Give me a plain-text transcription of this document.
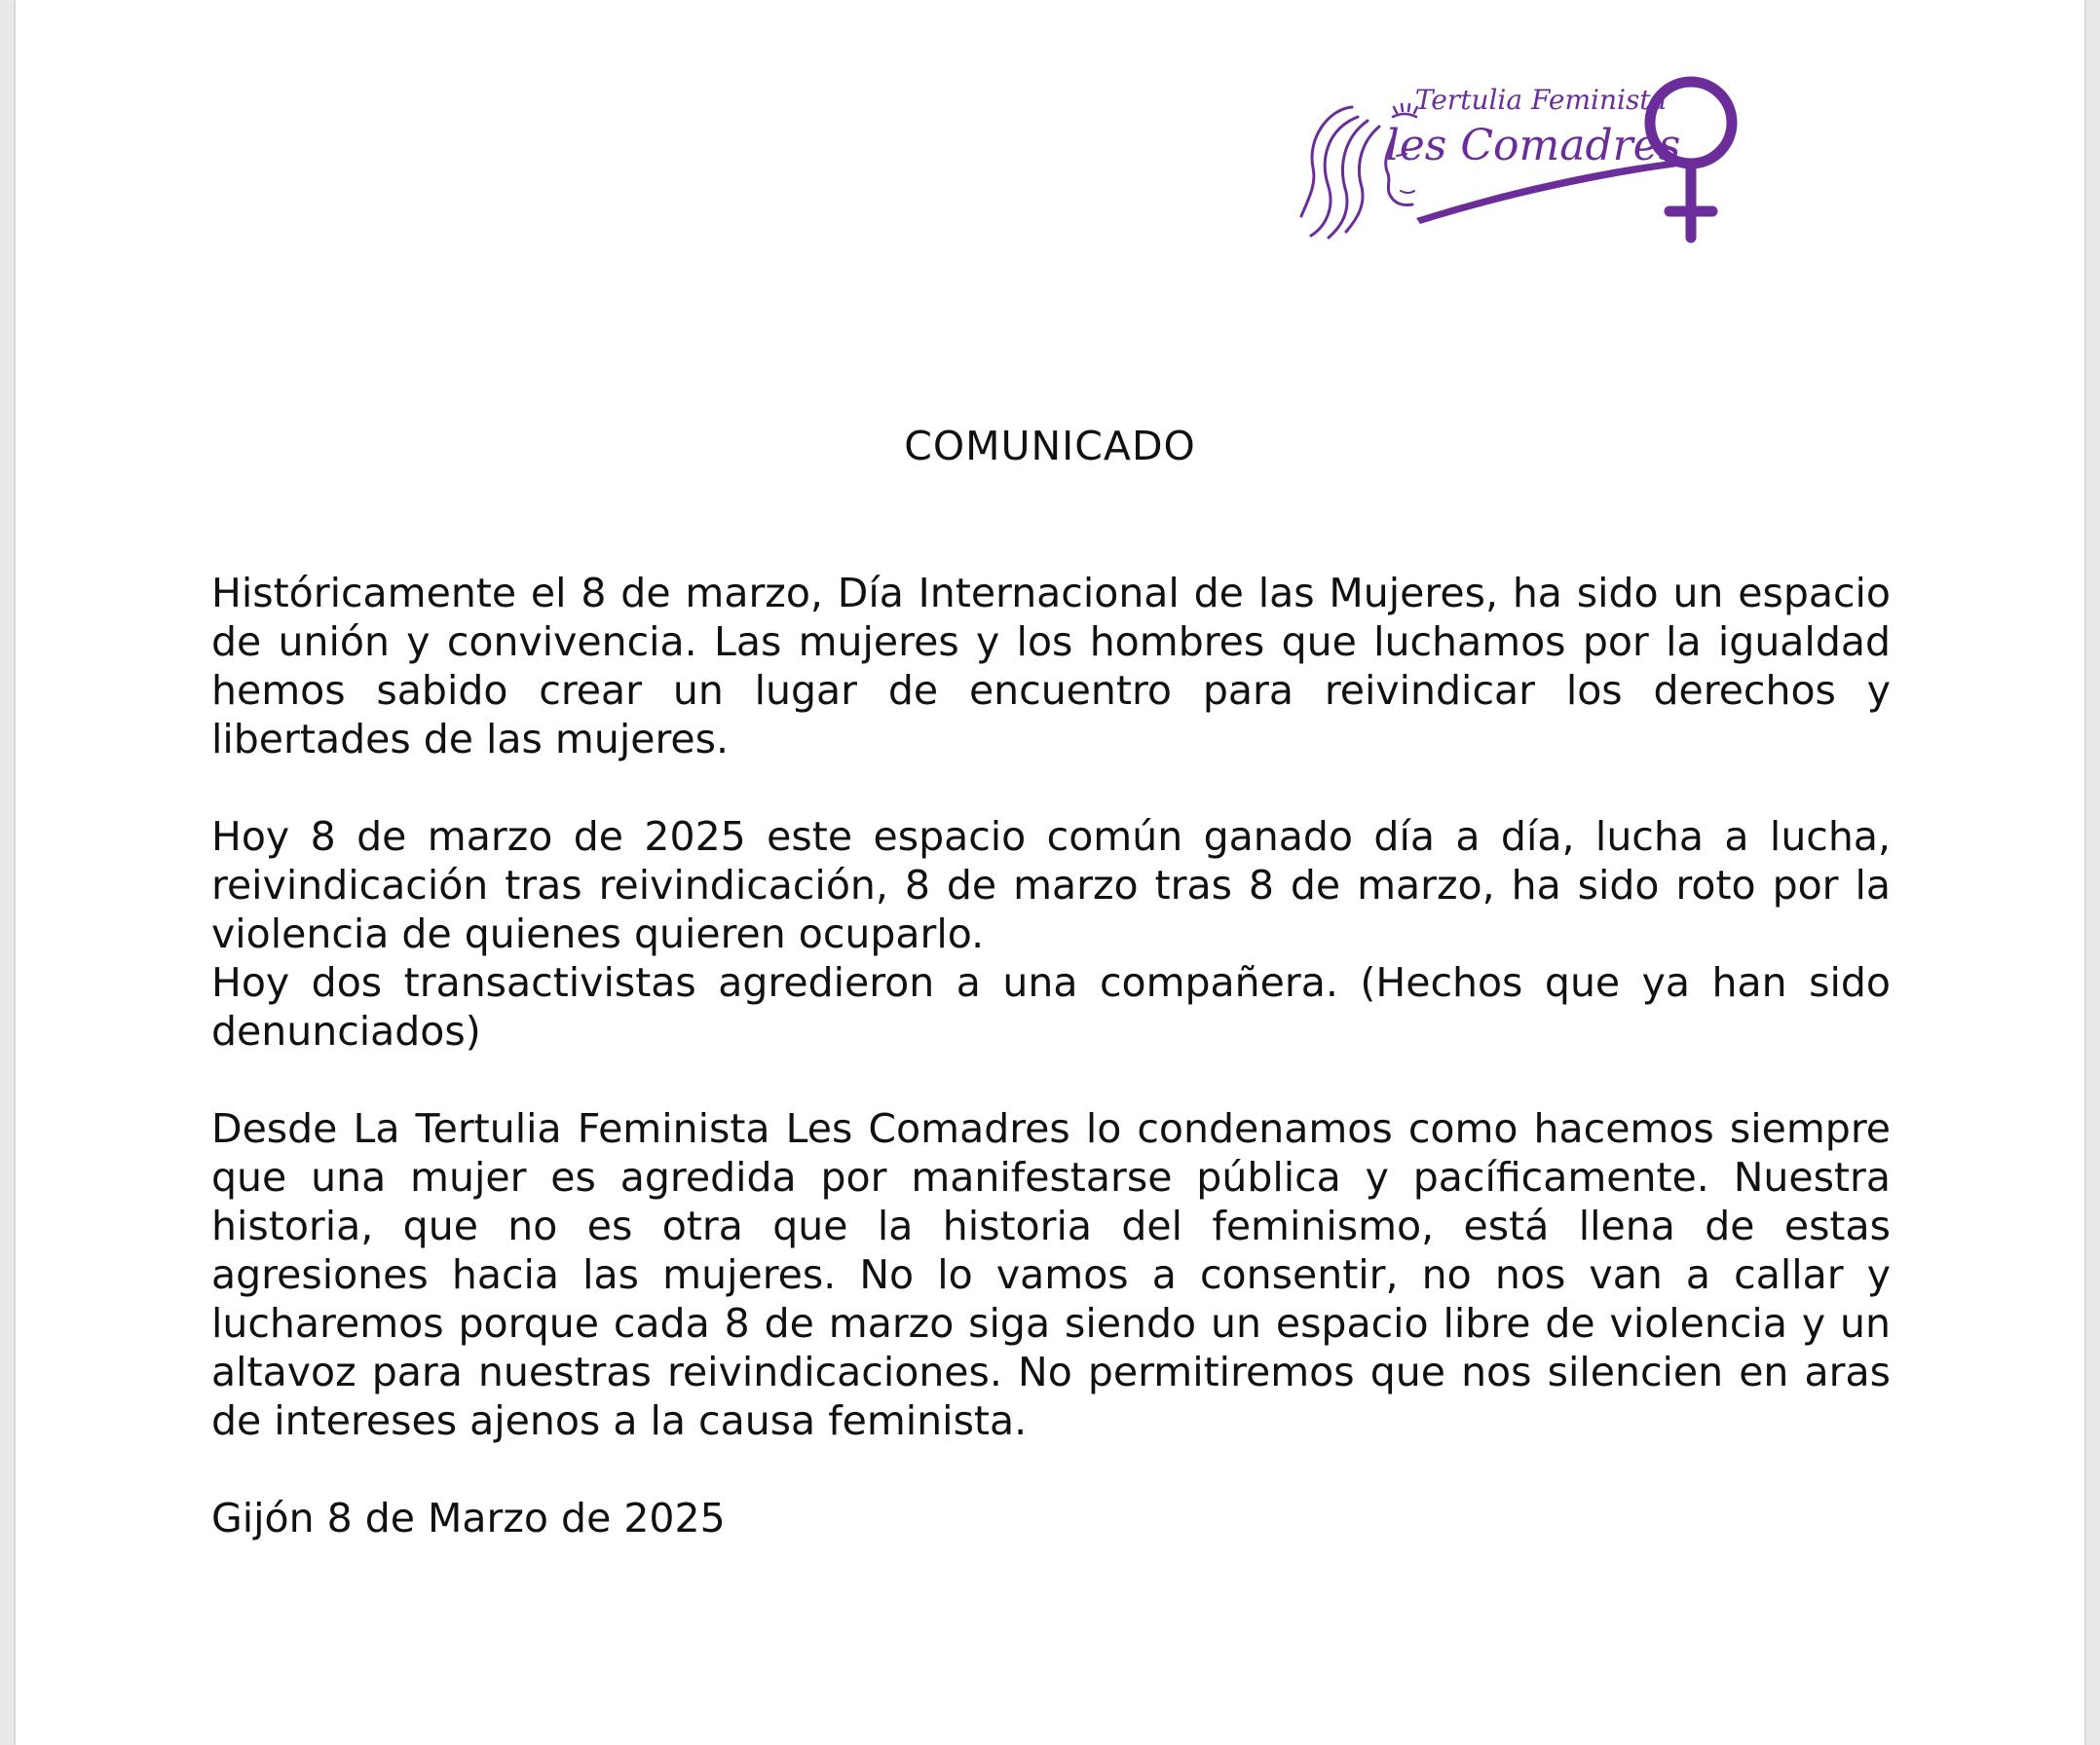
Tertulia Feminista
les Comadres
COMUNICADO

Históricamente el 8 de marzo, Día Internacional de las Mujeres, ha sido un espacio de unión y convivencia. Las mujeres y los hombres que luchamos por la igualdad hemos sabido crear un lugar de encuentro para reivindicar los derechos y libertades de las mujeres.

Hoy 8 de marzo de 2025 este espacio común ganado día a día, lucha a lucha, reivindicación tras reivindicación, 8 de marzo tras 8 de marzo, ha sido roto por la violencia de quienes quieren ocuparlo.

Hoy dos transactivistas agredieron a una compañera. (Hechos que ya han sido denunciados)

Desde La Tertulia Feminista Les Comadres lo condenamos como hacemos siempre que una mujer es agredida por manifestarse pública y pacíficamente. Nuestra historia, que no es otra que la historia del feminismo, está llena de estas agresiones hacia las mujeres. No lo vamos a consentir, no nos van a callar y lucharemos porque cada 8 de marzo siga siendo un espacio libre de violencia y un altavoz para nuestras reivindicaciones. No permitiremos que nos silencien en aras de intereses ajenos a la causa feminista.

Gijón 8 de Marzo de 2025
